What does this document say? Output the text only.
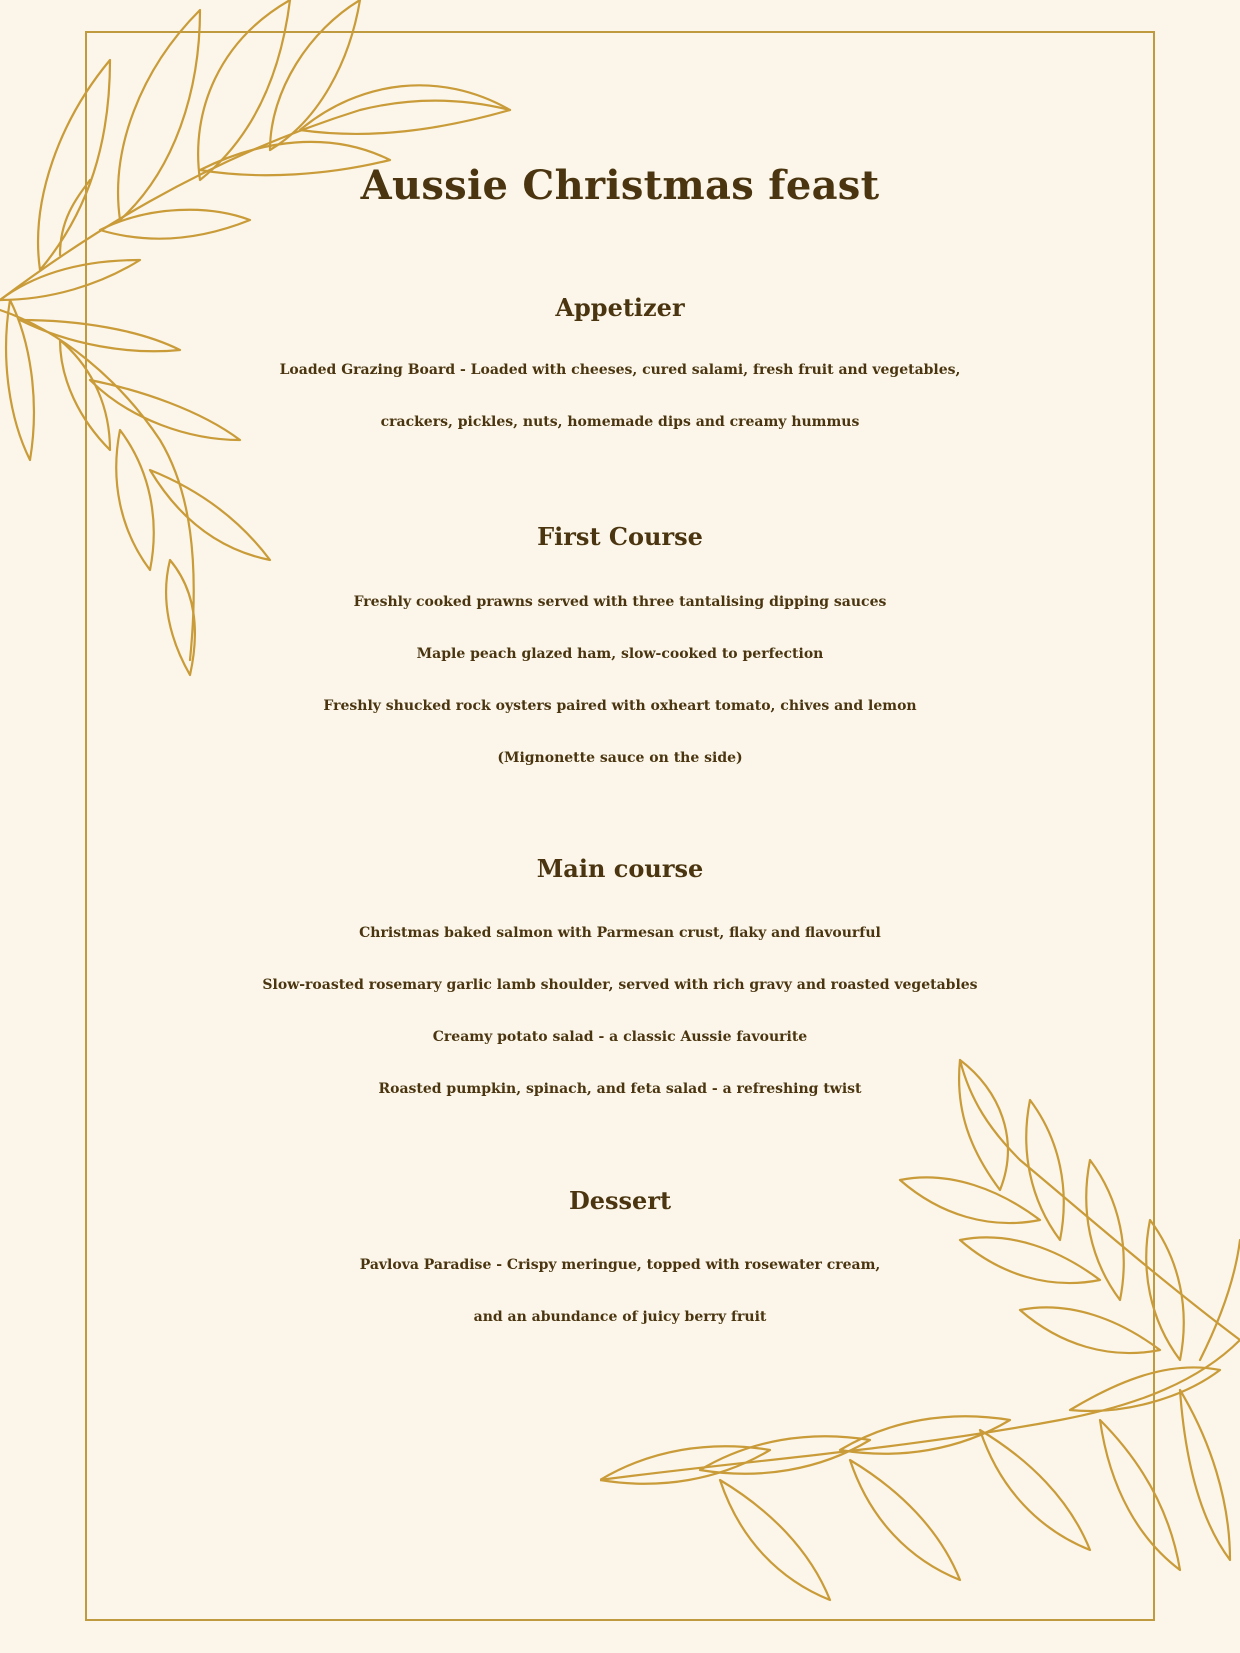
Aussie Christmas feast
Appetizer
Loaded Grazing Board - Loaded with cheeses, cured salami, fresh fruit and vegetables,
crackers, pickles, nuts, homemade dips and creamy hummus
First Course
Freshly cooked prawns served with three tantalising dipping sauces
Maple peach glazed ham, slow-cooked to perfection
Freshly shucked rock oysters paired with oxheart tomato, chives and lemon
(Mignonette sauce on the side)
Main course
Christmas baked salmon with Parmesan crust, flaky and flavourful
Slow-roasted rosemary garlic lamb shoulder, served with rich gravy and roasted vegetables
Creamy potato salad - a classic Aussie favourite
Roasted pumpkin, spinach, and feta salad - a refreshing twist
Dessert
Pavlova Paradise - Crispy meringue, topped with rosewater cream,
and an abundance of juicy berry fruit
